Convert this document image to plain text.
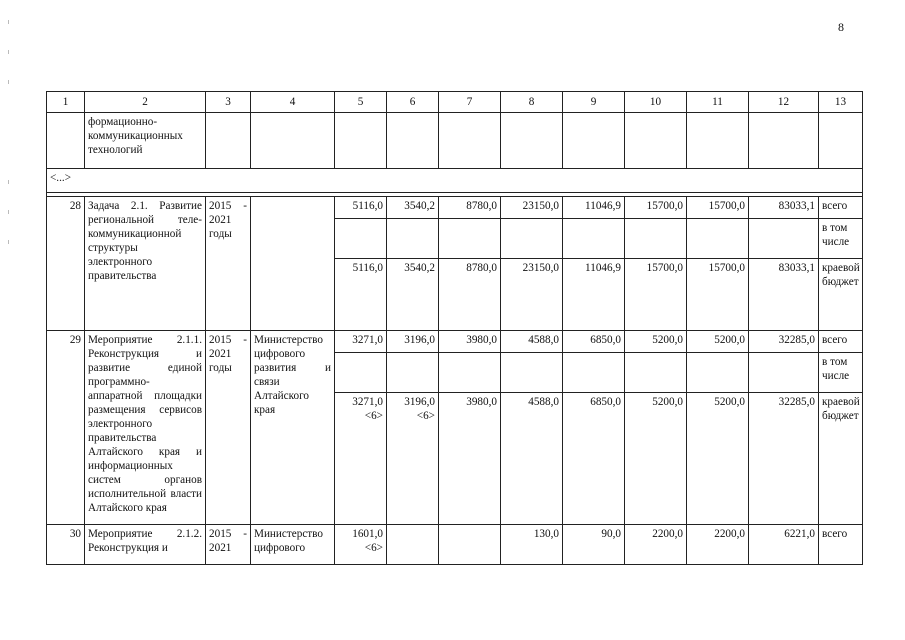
8
1	2	3	4	5	6	7	8	9	10	11	12	13
	формационно-коммуникационных технологий											
<...>												

28	Задача 2.1. Развитие региональной теле-коммуникационной структуры электронного правительства	2015 - 2021 годы		5116,0	3540,2	8780,0	23150,0	11046,9	15700,0	15700,0	83033,1	всего
												в том числе
				5116,0	3540,2	8780,0	23150,0	11046,9	15700,0	15700,0	83033,1	краевой бюджет
29	Мероприятие 2.1.1. Реконструкция и развитие единой программно-аппаратной площадки размещения сервисов электронного правительства Алтайского края и информационных систем органов исполнительной власти Алтайского края	2015 - 2021 годы	Министерство цифрового развития и связи Алтайского края	3271,0	3196,0	3980,0	4588,0	6850,0	5200,0	5200,0	32285,0	всего
												в том числе
				3271,0 <6>	3196,0 <6>	3980,0	4588,0	6850,0	5200,0	5200,0	32285,0	краевой бюджет
30	Мероприятие 2.1.2. Реконструкция и	2015 - 2021	Министерство цифрового	1601,0 <6>			130,0	90,0	2200,0	2200,0	6221,0	всего
